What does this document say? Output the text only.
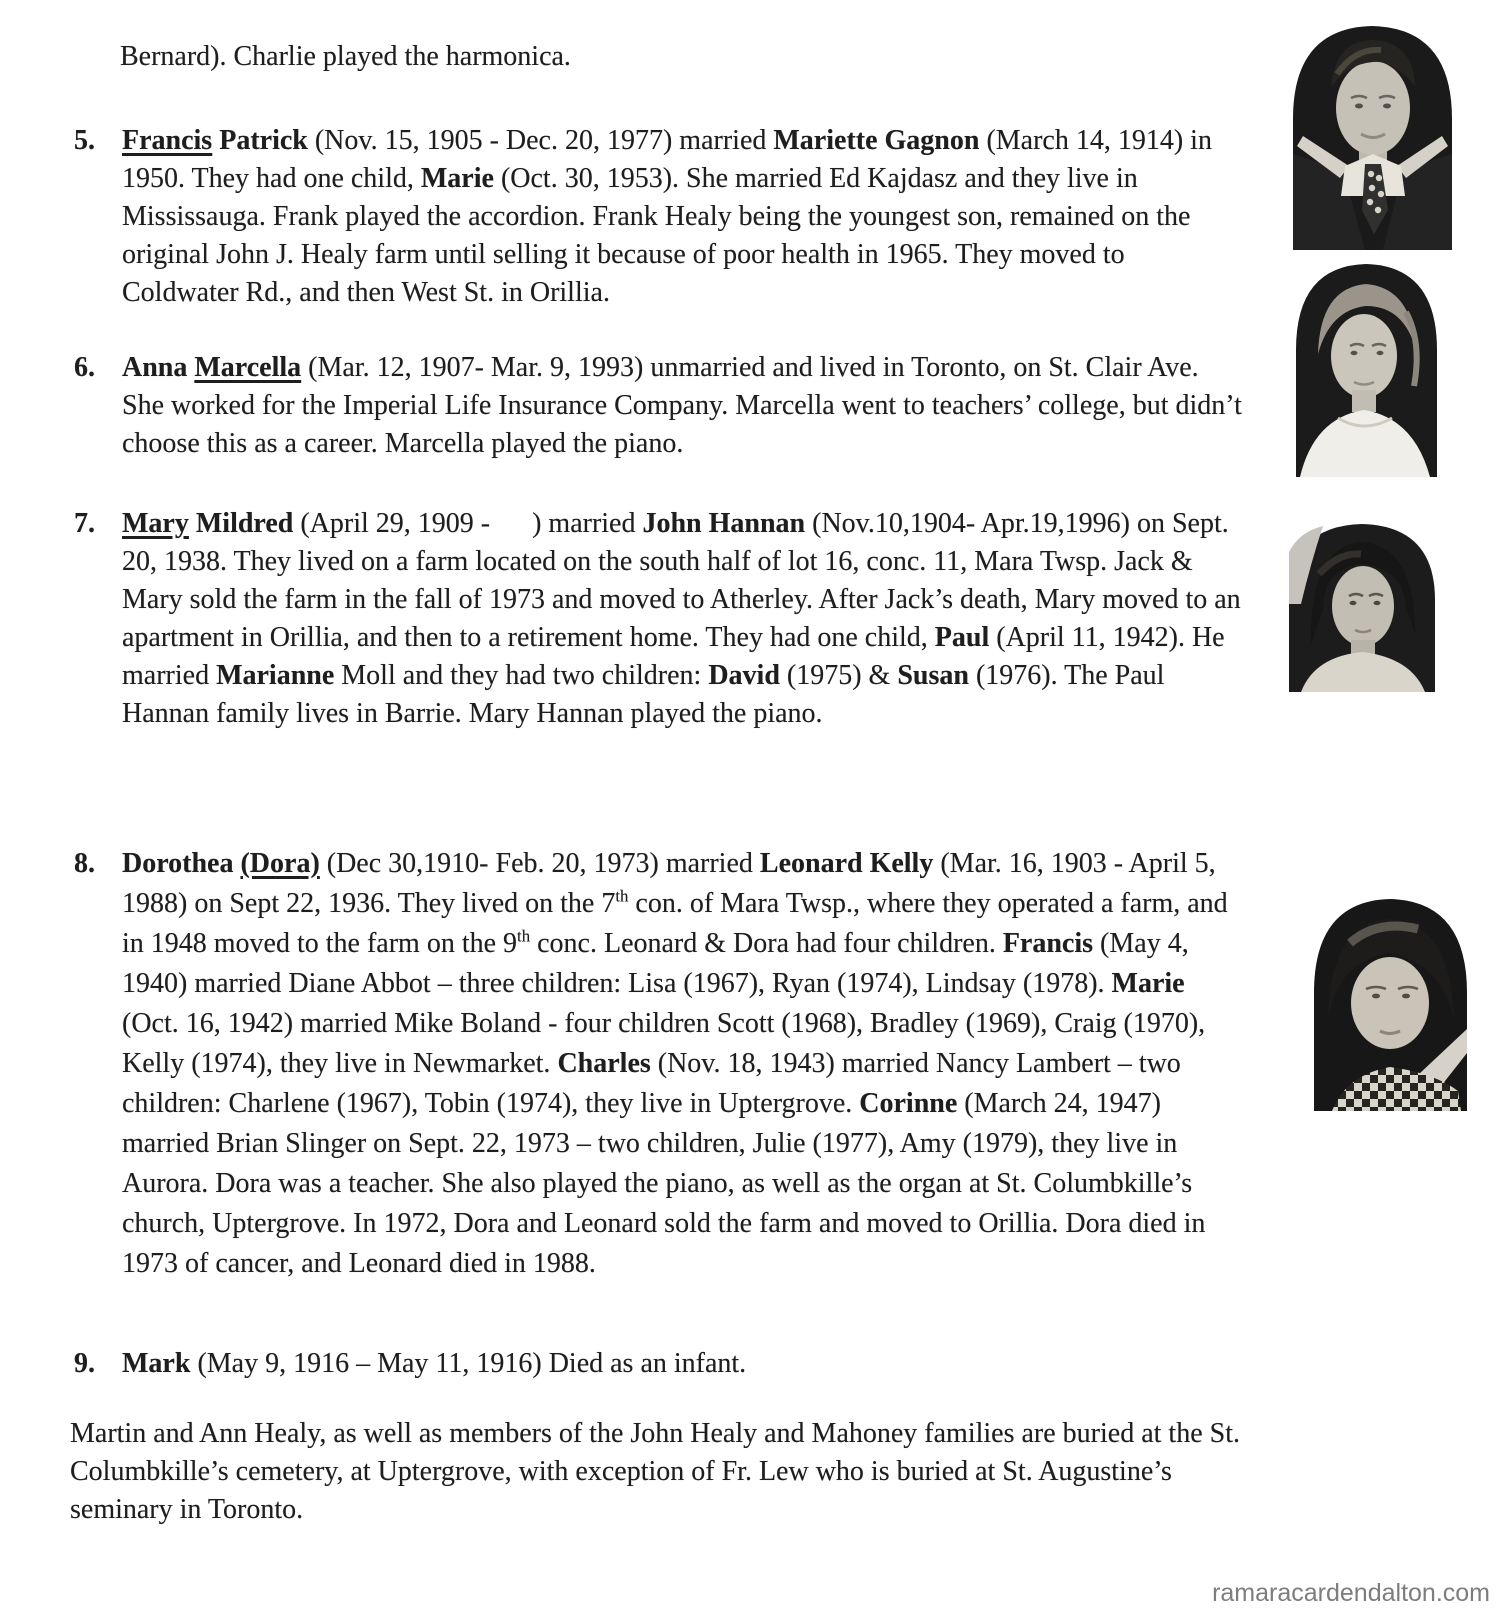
Bernard). Charlie played the harmonica.
5. Francis Patrick (Nov. 15, 1905 - Dec. 20, 1977) married Mariette Gagnon (March 14, 1914) in 1950. They had one child, Marie (Oct. 30, 1953). She married Ed Kajdasz and they live in Mississauga. Frank played the accordion. Frank Healy being the youngest son, remained on the original John J. Healy farm until selling it because of poor health in 1965. They moved to Coldwater Rd., and then West St. in Orillia.
6. Anna Marcella (Mar. 12, 1907- Mar. 9, 1993) unmarried and lived in Toronto, on St. Clair Ave. She worked for the Imperial Life Insurance Company. Marcella went to teachers’ college, but didn’t choose this as a career. Marcella played the piano.
7. Mary Mildred (April 29, 1909 -      ) married John Hannan (Nov.10,1904- Apr.19,1996) on Sept. 20, 1938. They lived on a farm located on the south half of lot 16, conc. 11, Mara Twsp. Jack & Mary sold the farm in the fall of 1973 and moved to Atherley. After Jack’s death, Mary moved to an apartment in Orillia, and then to a retirement home. They had one child, Paul (April 11, 1942). He married Marianne Moll and they had two children: David (1975) & Susan (1976). The Paul Hannan family lives in Barrie. Mary Hannan played the piano.
8. Dorothea (Dora) (Dec 30,1910- Feb. 20, 1973) married Leonard Kelly (Mar. 16, 1903 - April 5, 1988) on Sept 22, 1936. They lived on the 7th con. of Mara Twsp., where they operated a farm, and in 1948 moved to the farm on the 9th conc. Leonard & Dora had four children. Francis (May 4, 1940) married Diane Abbot – three children: Lisa (1967), Ryan (1974), Lindsay (1978). Marie (Oct. 16, 1942) married Mike Boland - four children Scott (1968), Bradley (1969), Craig (1970), Kelly (1974), they live in Newmarket. Charles (Nov. 18, 1943) married Nancy Lambert – two children: Charlene (1967), Tobin (1974), they live in Uptergrove. Corinne (March 24, 1947) married Brian Slinger on Sept. 22, 1973 – two children, Julie (1977), Amy (1979), they live in Aurora. Dora was a teacher. She also played the piano, as well as the organ at St. Columbkille’s church, Uptergrove. In 1972, Dora and Leonard sold the farm and moved to Orillia. Dora died in 1973 of cancer, and Leonard died in 1988.
9. Mark (May 9, 1916 – May 11, 1916) Died as an infant.
Martin and Ann Healy, as well as members of the John Healy and Mahoney families are buried at the St. Columbkille’s cemetery, at Uptergrove, with exception of Fr. Lew who is buried at St. Augustine’s seminary in Toronto.
ramaracardendalton.com
